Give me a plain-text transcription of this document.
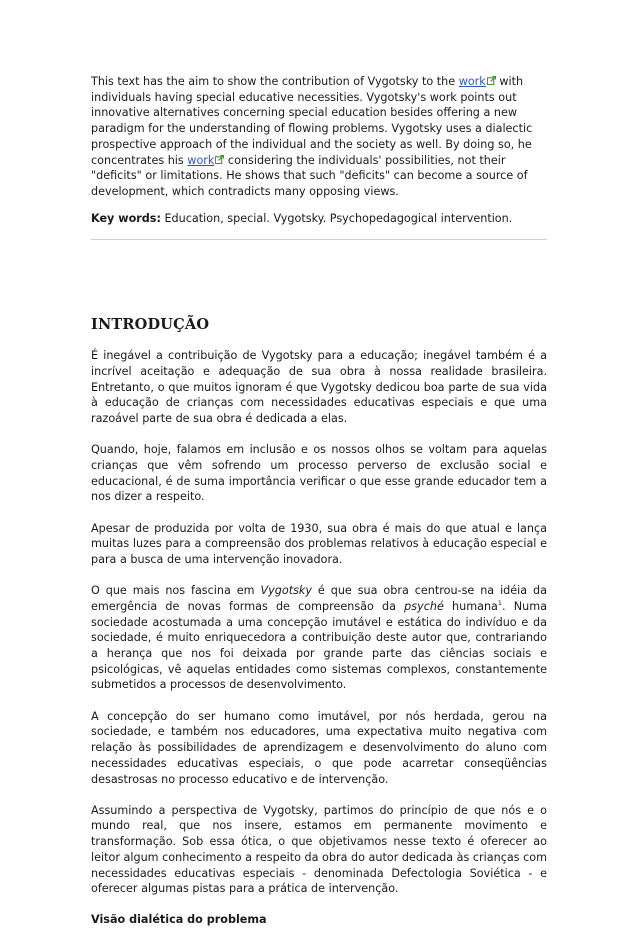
This text has the aim to show the contribution of Vygotsky to the work with individuals having special educative necessities. Vygotsky's work points out innovative alternatives concerning special education besides offering a new paradigm for the understanding of flowing problems. Vygotsky uses a dialectic prospective approach of the individual and the society as well. By doing so, he concentrates his work considering the individuals' possibilities, not their "deficits" or limitations. He shows that such "deficits" can become a source of development, which contradicts many opposing views.

Key words: Education, special. Vygotsky. Psychopedagogical intervention.

INTRODUÇÃO

É inegável a contribuição de Vygotsky para a educação; inegável também é a incrível aceitação e adequação de sua obra à nossa realidade brasileira. Entretanto, o que muitos ignoram é que Vygotsky dedicou boa parte de sua vida à educação de crianças com necessidades educativas especiais e que uma razoável parte de sua obra é dedicada a elas.

Quando, hoje, falamos em inclusão e os nossos olhos se voltam para aquelas crianças que vêm sofrendo um processo perverso de exclusão social e educacional, é de suma importância verificar o que esse grande educador tem a nos dizer a respeito.

Apesar de produzida por volta de 1930, sua obra é mais do que atual e lança muitas luzes para a compreensão dos problemas relativos à educação especial e para a busca de uma intervenção inovadora.

O que mais nos fascina em Vygotsky é que sua obra centrou-se na idéia da emergência de novas formas de compreensão da psyché humana$^1$. Numa sociedade acostumada a uma concepção imutável e estática do indivíduo e da sociedade, é muito enriquecedora a contribuição deste autor que, contrariando a herança que nos foi deixada por grande parte das ciências sociais e psicológicas, vê aquelas entidades como sistemas complexos, constantemente submetidos a processos de desenvolvimento.

A concepção do ser humano como imutável, por nós herdada, gerou na sociedade, e também nos educadores, uma expectativa muito negativa com relação às possibilidades de aprendizagem e desenvolvimento do aluno com necessidades educativas especiais, o que pode acarretar conseqüências desastrosas no processo educativo e de intervenção.

Assumindo a perspectiva de Vygotsky, partimos do princípio de que nós e o mundo real, que nos insere, estamos em permanente movimento e transformação. Sob essa ótica, o que objetivamos nesse texto é oferecer ao leitor algum conhecimento a respeito da obra do autor dedicada às crianças com necessidades educativas especiais - denominada Defectologia Soviética - e oferecer algumas pistas para a prática de intervenção.

Visão dialética do problema
